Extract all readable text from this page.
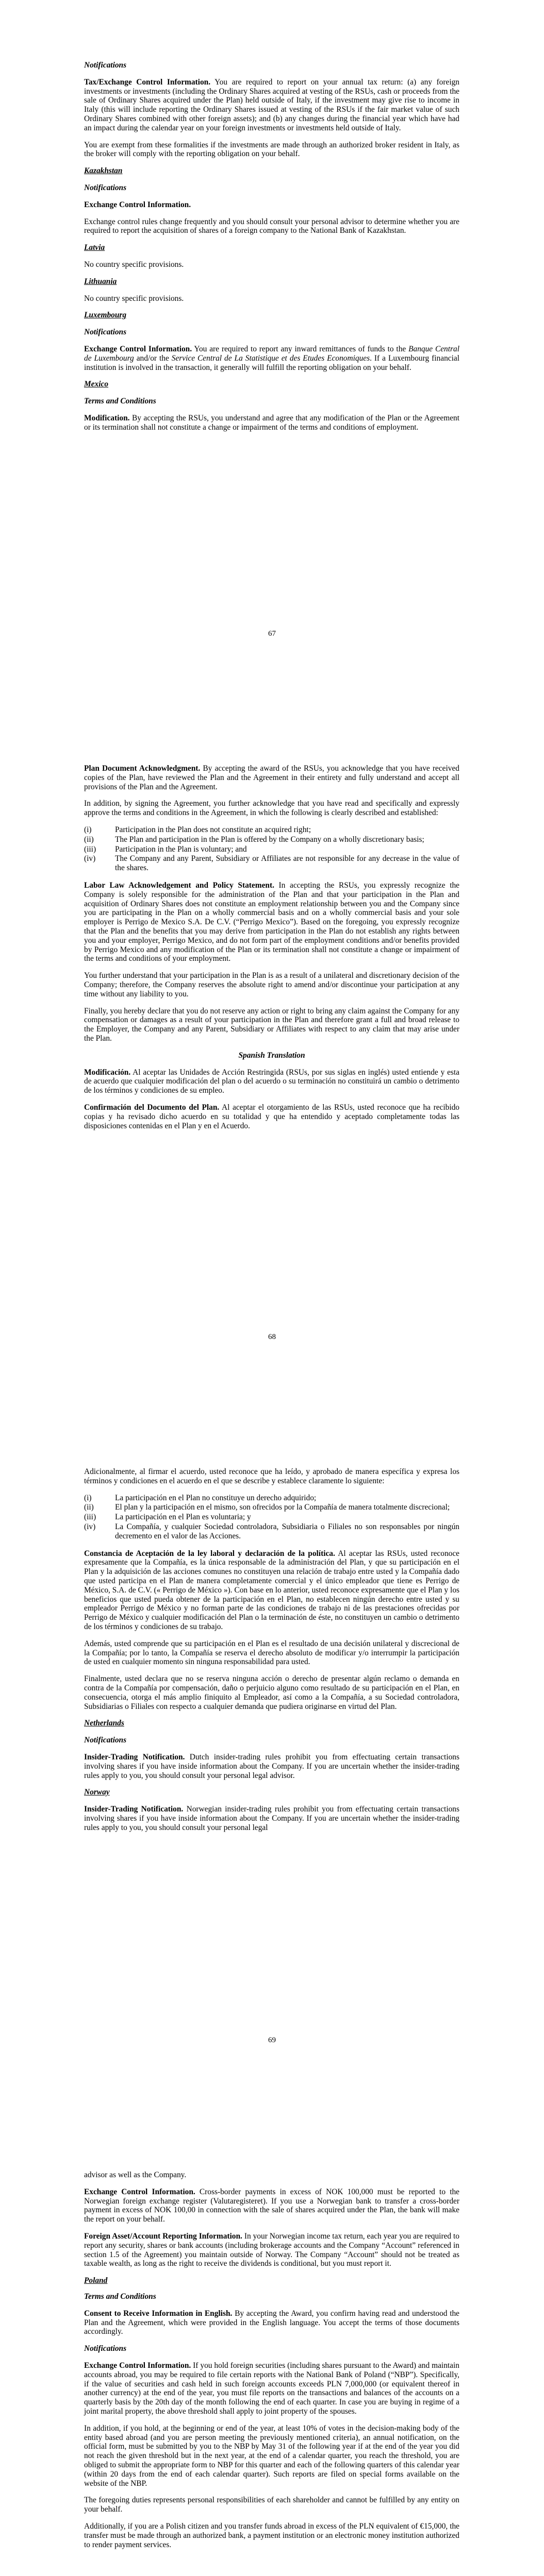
Notifications

Tax/Exchange Control Information. You are required to report on your annual tax return: (a) any foreign investments or investments (including the Ordinary Shares acquired at vesting of the RSUs, cash or proceeds from the sale of Ordinary Shares acquired under the Plan) held outside of Italy, if the investment may give rise to income in Italy (this will include reporting the Ordinary Shares issued at vesting of the RSUs if the fair market value of such Ordinary Shares combined with other foreign assets); and (b) any changes during the financial year which have had an impact during the calendar year on your foreign investments or investments held outside of Italy.

You are exempt from these formalities if the investments are made through an authorized broker resident in Italy, as the broker will comply with the reporting obligation on your behalf.

Kazakhstan

Notifications

Exchange Control Information.

Exchange control rules change frequently and you should consult your personal advisor to determine whether you are required to report the acquisition of shares of a foreign company to the National Bank of Kazakhstan.

Latvia

No country specific provisions.

Lithuania

No country specific provisions.

Luxembourg

Notifications

Exchange Control Information. You are required to report any inward remittances of funds to the Banque Central de Luxembourg and/or the Service Central de La Statistique et des Etudes Economiques. If a Luxembourg financial institution is involved in the transaction, it generally will fulfill the reporting obligation on your behalf.

Mexico

Terms and Conditions

Modification. By accepting the RSUs, you understand and agree that any modification of the Plan or the Agreement or its termination shall not constitute a change or impairment of the terms and conditions of employment.

67

Plan Document Acknowledgment. By accepting the award of the RSUs, you acknowledge that you have received copies of the Plan, have reviewed the Plan and the Agreement in their entirety and fully understand and accept all provisions of the Plan and the Agreement.

In addition, by signing the Agreement, you further acknowledge that you have read and specifically and expressly approve the terms and conditions in the Agreement, in which the following is clearly described and established:

(i)	Participation in the Plan does not constitute an acquired right;
(ii)	The Plan and participation in the Plan is offered by the Company on a wholly discretionary basis;
(iii)	Participation in the Plan is voluntary; and
(iv)	The Company and any Parent, Subsidiary or Affiliates are not responsible for any decrease in the value of the shares.

Labor Law Acknowledgement and Policy Statement. In accepting the RSUs, you expressly recognize the Company is solely responsible for the administration of the Plan and that your participation in the Plan and acquisition of Ordinary Shares does not constitute an employment relationship between you and the Company since you are participating in the Plan on a wholly commercial basis and on a wholly commercial basis and your sole employer is Perrigo de Mexico S.A. De C.V. (“Perrigo Mexico”). Based on the foregoing, you expressly recognize that the Plan and the benefits that you may derive from participation in the Plan do not establish any rights between you and your employer, Perrigo Mexico, and do not form part of the employment conditions and/or benefits provided by Perrigo Mexico and any modification of the Plan or its termination shall not constitute a change or impairment of the terms and conditions of your employment.

You further understand that your participation in the Plan is as a result of a unilateral and discretionary decision of the Company; therefore, the Company reserves the absolute right to amend and/or discontinue your participation at any time without any liability to you.

Finally, you hereby declare that you do not reserve any action or right to bring any claim against the Company for any compensation or damages as a result of your participation in the Plan and therefore grant a full and broad release to the Employer, the Company and any Parent, Subsidiary or Affiliates with respect to any claim that may arise under the Plan.

Spanish Translation

Modificación. Al aceptar las Unidades de Acción Restringida (RSUs, por sus siglas en inglés) usted entiende y esta de acuerdo que cualquier modificación del plan o del acuerdo o su terminación no constituirá un cambio o detrimento de los términos y condiciones de su empleo.

Confirmación del Documento del Plan. Al aceptar el otorgamiento de las RSUs, usted reconoce que ha recibido copias y ha revisado dicho acuerdo en su totalidad y que ha entendido y aceptado completamente todas las disposiciones contenidas en el Plan y en el Acuerdo.

68

Adicionalmente, al firmar el acuerdo, usted reconoce que ha leído, y aprobado de manera específica y expresa los términos y condiciones en el acuerdo en el que se describe y establece claramente lo siguiente:

(i)	La participación en el Plan no constituye un derecho adquirido;
(ii)	El plan y la participación en el mismo, son ofrecidos por la Compañía de manera totalmente discrecional;
(iii)	La participación en el Plan es voluntaria; y
(iv)	La Compañía, y cualquier Sociedad controladora, Subsidiaria o Filiales no son responsables por ningún decremento en el valor de las Acciones.

Constancia de Aceptación de la ley laboral y declaración de la política. Al aceptar las RSUs, usted reconoce expresamente que la Compañía, es la única responsable de la administración del Plan, y que su participación en el Plan y la adquisición de las acciones comunes no constituyen una relación de trabajo entre usted y la Compañía dado que usted participa en el Plan de manera completamente comercial y el único empleador que tiene es Perrigo de México, S.A. de C.V. (« Perrigo de México »). Con base en lo anterior, usted reconoce expresamente que el Plan y los beneficios que usted pueda obtener de la participación en el Plan, no establecen ningún derecho entre usted y su empleador Perrigo de México y no forman parte de las condiciones de trabajo ni de las prestaciones ofrecidas por Perrigo de México y cualquier modificación del Plan o la terminación de éste, no constituyen un cambio o detrimento de los términos y condiciones de su trabajo.

Además, usted comprende que su participación en el Plan es el resultado de una decisión unilateral y discrecional de la Compañía; por lo tanto, la Compañía se reserva el derecho absoluto de modificar y/o interrumpir la participación de usted en cualquier momento sin ninguna responsabilidad para usted.

Finalmente, usted declara que no se reserva ninguna acción o derecho de presentar algún reclamo o demanda en contra de la Compañía por compensación, daño o perjuicio alguno como resultado de su participación en el Plan, en consecuencia, otorga el más amplio finiquito al Empleador, así como a la Compañía, a su Sociedad controladora, Subsidiarias o Filiales con respecto a cualquier demanda que pudiera originarse en virtud del Plan.

Netherlands

Notifications

Insider-Trading Notification. Dutch insider-trading rules prohibit you from effectuating certain transactions involving shares if you have inside information about the Company. If you are uncertain whether the insider-trading rules apply to you, you should consult your personal legal advisor.

Norway

Insider-Trading Notification. Norwegian insider-trading rules prohibit you from effectuating certain transactions involving shares if you have inside information about the Company. If you are uncertain whether the insider-trading rules apply to you, you should consult your personal legal

69

advisor as well as the Company.

Exchange Control Information. Cross-border payments in excess of NOK 100,000 must be reported to the Norwegian foreign exchange register (Valutaregisteret). If you use a Norwegian bank to transfer a cross-border payment in excess of NOK 100,00 in connection with the sale of shares acquired under the Plan, the bank will make the report on your behalf.

Foreign Asset/Account Reporting Information. In your Norwegian income tax return, each year you are required to report any security, shares or bank accounts (including brokerage accounts and the Company “Account” referenced in section 1.5 of the Agreement) you maintain outside of Norway. The Company “Account” should not be treated as taxable wealth, as long as the right to receive the dividends is conditional, but you must report it.

Poland

Terms and Conditions

Consent to Receive Information in English. By accepting the Award, you confirm having read and understood the Plan and the Agreement, which were provided in the English language. You accept the terms of those documents accordingly.

Notifications

Exchange Control Information. If you hold foreign securities (including shares pursuant to the Award) and maintain accounts abroad, you may be required to file certain reports with the National Bank of Poland (“NBP”). Specifically, if the value of securities and cash held in such foreign accounts exceeds PLN 7,000,000 (or equivalent thereof in another currency) at the end of the year, you must file reports on the transactions and balances of the accounts on a quarterly basis by the 20th day of the month following the end of each quarter. In case you are buying in regime of a joint marital property, the above threshold shall apply to joint property of the spouses.

In addition, if you hold, at the beginning or end of the year, at least 10% of votes in the decision-making body of the entity based abroad (and you are person meeting the previously mentioned criteria), an annual notification, on the official form, must be submitted by you to the NBP by May 31 of the following year if at the end of the year you did not reach the given threshold but in the next year, at the end of a calendar quarter, you reach the threshold, you are obliged to submit the appropriate form to NBP for this quarter and each of the following quarters of this calendar year (within 20 days from the end of each calendar quarter). Such reports are filed on special forms available on the website of the NBP.

The foregoing duties represents personal responsibilities of each shareholder and cannot be fulfilled by any entity on your behalf.

Additionally, if you are a Polish citizen and you transfer funds abroad in excess of the PLN equivalent of €15,000, the transfer must be made through an authorized bank, a payment institution or an electronic money institution authorized to render payment services.
